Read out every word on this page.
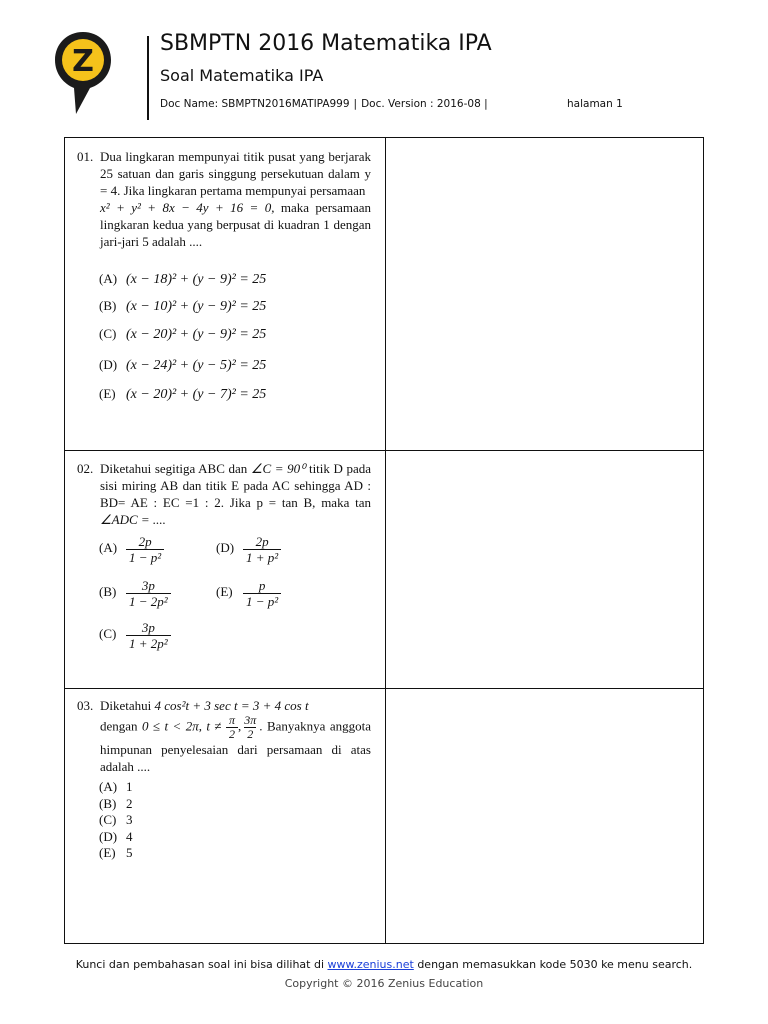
Z
SBMPTN 2016 Matematika IPA
Soal Matematika IPA
Doc Name: SBMPTN2016MATIPA999 | Doc. Version : 2016-08 |	halaman 1
01. Dua lingkaran mempunyai titik pusat yang berjarak 25 satuan dan garis singgung persekutuan dalam y = 4. Jika lingkaran pertama mempunyai persamaan
x² + y² + 8x − 4y + 16 = 0, maka persamaan lingkaran kedua yang berpusat di kuadran 1 dengan jari-jari 5 adalah ....
(A) (x − 18)² + (y − 9)² = 25
(B) (x − 10)² + (y − 9)² = 25
(C) (x − 20)² + (y − 9)² = 25
(D) (x − 24)² + (y − 5)² = 25
(E) (x − 20)² + (y − 7)² = 25
02. Diketahui segitiga ABC dan ∠C = 90⁰ titik D pada sisi miring AB dan titik E pada AC sehingga AD : BD= AE : EC =1 : 2. Jika p = tan B, maka tan ∠ADC = ....
$(A) \frac{2p}{\text{1 − p²}}$
$(B) \frac{3p}{\text{1 − 2p²}}$
$(C) \frac{3p}{\text{1 + 2p²}}$
$(D) \frac{2p}{\text{1 + p²}}$
$(E) \frac{p}{\text{1 − p²}}$
03. Diketahui 4 cos²t + 3 sec t = 3 + 4 cos t
dengan 0 ≤ t < 2π, $t \ne \frac{\pi}{2}$ , $\frac{3\pi}{2}$ . Banyaknya anggota himpunan penyelesaian dari persamaan di atas adalah ....
(A) 1
(B) 2
(C) 3
(D) 4
(E) 5
Kunci dan pembahasan soal ini bisa dilihat di www.zenius.net dengan memasukkan kode 5030 ke menu search.
Copyright © 2016 Zenius Education
